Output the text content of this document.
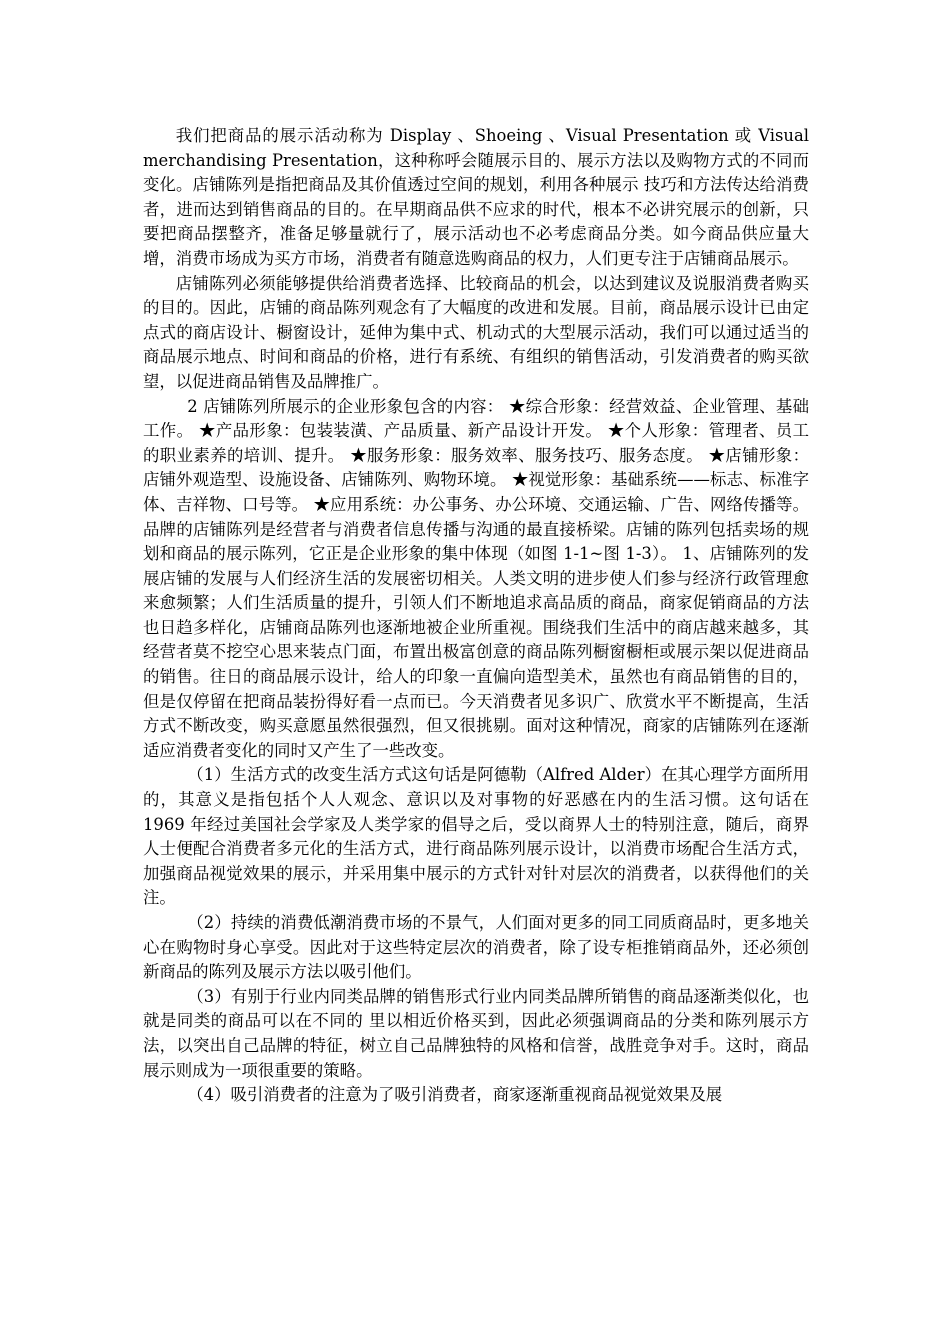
我们把商品的展示活动称为 Display 、Shoeing 、Visual Presentation 或 Visual merchandising Presentation，这种称呼会随展示目的、展示方法以及购物方式的不同而变化。店铺陈列是指把商品及其价值透过空间的规划，利用各种展示 技巧和方法传达给消费者，进而达到销售商品的目的。在早期商品供不应求的时代，根本不必讲究展示的创新，只要把商品摆整齐，准备足够量就行了，展示活动也不必考虑商品分类。如今商品供应量大增，消费市场成为买方市场，消费者有随意选购商品的权力，人们更专注于店铺商品展示。

店铺陈列必须能够提供给消费者选择、比较商品的机会，以达到建议及说服消费者购买的目的。因此，店铺的商品陈列观念有了大幅度的改进和发展。目前，商品展示设计已由定点式的商店设计、橱窗设计，延伸为集中式、机动式的大型展示活动，我们可以通过适当的商品展示地点、时间和商品的价格，进行有系统、有组织的销售活动，引发消费者的购买欲望，以促进商品销售及品牌推广。

2 店铺陈列所展示的企业形象包含的内容： ★综合形象：经营效益、企业管理、基础工作。 ★产品形象：包装装潢、产品质量、新产品设计开发。 ★个人形象：管理者、员工的职业素养的培训、提升。 ★服务形象：服务效率、服务技巧、服务态度。 ★店铺形象：店铺外观造型、设施设备、店铺陈列、购物环境。 ★视觉形象：基础系统——标志、标准字体、吉祥物、口号等。 ★应用系统：办公事务、办公环境、交通运输、广告、网络传播等。品牌的店铺陈列是经营者与消费者信息传播与沟通的最直接桥梁。店铺的陈列包括卖场的规划和商品的展示陈列，它正是企业形象的集中体现（如图 1-1~图 1-3）。 1、店铺陈列的发展店铺的发展与人们经济生活的发展密切相关。人类文明的进步使人们参与经济行政管理愈来愈频繁；人们生活质量的提升，引领人们不断地追求高品质的商品，商家促销商品的方法也日趋多样化，店铺商品陈列也逐渐地被企业所重视。围绕我们生活中的商店越来越多，其经营者莫不挖空心思来装点门面，布置出极富创意的商品陈列橱窗橱柜或展示架以促进商品的销售。往日的商品展示设计，给人的印象一直偏向造型美术，虽然也有商品销售的目的，但是仅停留在把商品装扮得好看一点而已。今天消费者见多识广、欣赏水平不断提高，生活方式不断改变，购买意愿虽然很强烈，但又很挑剔。面对这种情况，商家的店铺陈列在逐渐适应消费者变化的同时又产生了一些改变。

（1）生活方式的改变生活方式这句话是阿德勒（Alfred Alder）在其心理学方面所用的，其意义是指包括个人人观念、意识以及对事物的好恶感在内的生活习惯。这句话在 1969 年经过美国社会学家及人类学家的倡导之后，受以商界人士的特别注意，随后，商界人士便配合消费者多元化的生活方式，进行商品陈列展示设计，以消费市场配合生活方式，加强商品视觉效果的展示，并采用集中展示的方式针对针对层次的消费者，以获得他们的关注。

（2）持续的消费低潮消费市场的不景气，人们面对更多的同工同质商品时，更多地关心在购物时身心享受。因此对于这些特定层次的消费者，除了设专柜推销商品外，还必须创新商品的陈列及展示方法以吸引他们。

（3）有别于行业内同类品牌的销售形式行业内同类品牌所销售的商品逐渐类似化，也就是同类的商品可以在不同的 里以相近价格买到，因此必须强调商品的分类和陈列展示方法，以突出自己品牌的特征，树立自己品牌独特的风格和信誉，战胜竞争对手。这时，商品展示则成为一项很重要的策略。

（4）吸引消费者的注意为了吸引消费者，商家逐渐重视商品视觉效果及展
